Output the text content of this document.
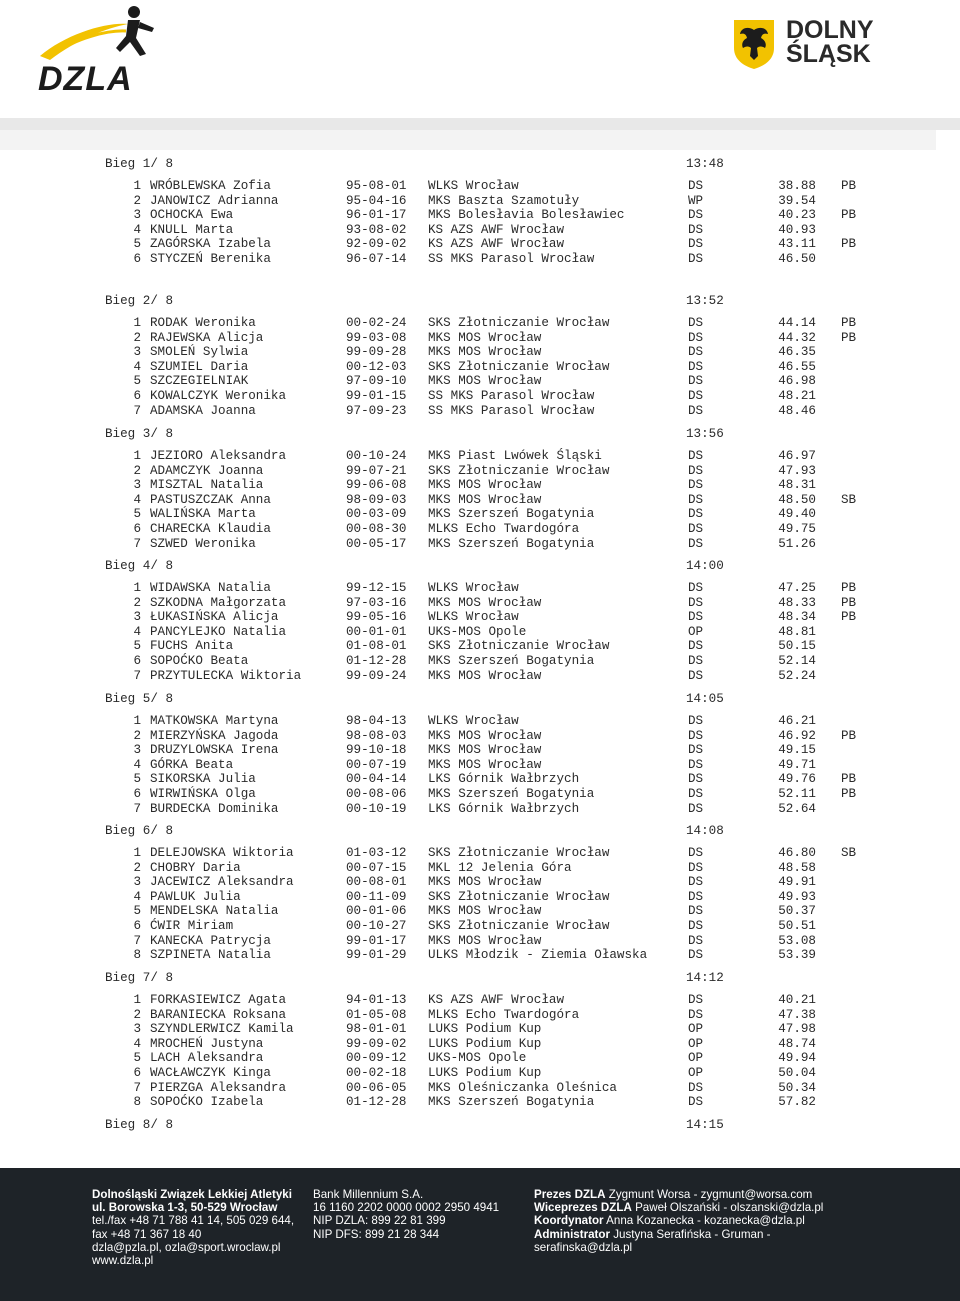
DZLA
DOLNY
ŚLĄSK
Bieg 1/ 8	13:48
1 WRÓBLEWSKA Zofia	95-08-01 WLKS Wrocław	DS	38.88 PB
2 JANOWICZ Adrianna	95-04-16 MKS Baszta Szamotuły	WP	39.54
3 OCHOCKA Ewa	96-01-17 MKS Bolesłavia Bolesławiec	DS	40.23 PB
4 KNULL Marta	93-08-02 KS AZS AWF Wrocław	DS	40.93
5 ZAGÓRSKA Izabela	92-09-02 KS AZS AWF Wrocław	DS	43.11 PB
6 STYCZEŃ Berenika	96-07-14 SS MKS Parasol Wrocław	DS	46.50
Bieg 2/ 8	13:52
1 RODAK Weronika	00-02-24 SKS Złotniczanie Wrocław	DS	44.14 PB
2 RAJEWSKA Alicja	99-03-08 MKS MOS Wrocław	DS	44.32 PB
3 SMOLEŃ Sylwia	99-09-28 MKS MOS Wrocław	DS	46.35
4 SZUMIEL Daria	00-12-03 SKS Złotniczanie Wrocław	DS	46.55
5 SZCZEGIELNIAK	97-09-10 MKS MOS Wrocław	DS	46.98
6 KOWALCZYK Weronika	99-01-15 SS MKS Parasol Wrocław	DS	48.21
7 ADAMSKA Joanna	97-09-23 SS MKS Parasol Wrocław	DS	48.46
Bieg 3/ 8	13:56
1 JEZIORO Aleksandra	00-10-24 MKS Piast Lwówek Śląski	DS	46.97
2 ADAMCZYK Joanna	99-07-21 SKS Złotniczanie Wrocław	DS	47.93
3 MISZTAL Natalia	99-06-08 MKS MOS Wrocław	DS	48.31
4 PASTUSZCZAK Anna	98-09-03 MKS MOS Wrocław	DS	48.50 SB
5 WALIŃSKA Marta	00-03-09 MKS Szerszeń Bogatynia	DS	49.40
6 CHARECKA Klaudia	00-08-30 MLKS Echo Twardogóra	DS	49.75
7 SZWED Weronika	00-05-17 MKS Szerszeń Bogatynia	DS	51.26
Bieg 4/ 8	14:00
1 WIDAWSKA Natalia	99-12-15 WLKS Wrocław	DS	47.25 PB
2 SZKODNA Małgorzata	97-03-16 MKS MOS Wrocław	DS	48.33 PB
3 ŁUKASIŃSKA Alicja	99-05-16 WLKS Wrocław	DS	48.34 PB
4 PANCYLEJKO Natalia	00-01-01 UKS-MOS Opole	OP	48.81
5 FUCHS Anita	01-08-01 SKS Złotniczanie Wrocław	DS	50.15
6 SOPOĆKO Beata	01-12-28 MKS Szerszeń Bogatynia	DS	52.14
7 PRZYTULECKA Wiktoria	99-09-24 MKS MOS Wrocław	DS	52.24
Bieg 5/ 8	14:05
1 MATKOWSKA Martyna	98-04-13 WLKS Wrocław	DS	46.21
2 MIERZYŃSKA Jagoda	98-08-03 MKS MOS Wrocław	DS	46.92 PB
3 DRUZYLOWSKA Irena	99-10-18 MKS MOS Wrocław	DS	49.15
4 GÓRKA Beata	00-07-19 MKS MOS Wrocław	DS	49.71
5 SIKORSKA Julia	00-04-14 LKS Górnik Wałbrzych	DS	49.76 PB
6 WIRWIŃSKA Olga	00-08-06 MKS Szerszeń Bogatynia	DS	52.11 PB
7 BURDECKA Dominika	00-10-19 LKS Górnik Wałbrzych	DS	52.64
Bieg 6/ 8	14:08
1 DELEJOWSKA Wiktoria	01-03-12 SKS Złotniczanie Wrocław	DS	46.80 SB
2 CHOBRY Daria	00-07-15 MKL 12 Jelenia Góra	DS	48.58
3 JACEWICZ Aleksandra	00-08-01 MKS MOS Wrocław	DS	49.91
4 PAWLUK Julia	00-11-09 SKS Złotniczanie Wrocław	DS	49.93
5 MENDELSKA Natalia	00-01-06 MKS MOS Wrocław	DS	50.37
6 ĆWIR Miriam	00-10-27 SKS Złotniczanie Wrocław	DS	50.51
7 KANECKA Patrycja	99-01-17 MKS MOS Wrocław	DS	53.08
8 SZPINETA Natalia	99-01-29 ULKS Młodzik - Ziemia Oławska	DS	53.39
Bieg 7/ 8	14:12
1 FORKASIEWICZ Agata	94-01-13 KS AZS AWF Wrocław	DS	40.21
2 BARANIECKA Roksana	01-05-08 MLKS Echo Twardogóra	DS	47.38
3 SZYNDLERWICZ Kamila	98-01-01 LUKS Podium Kup	OP	47.98
4 MROCHEŃ Justyna	99-09-02 LUKS Podium Kup	OP	48.74
5 LACH Aleksandra	00-09-12 UKS-MOS Opole	OP	49.94
6 WACŁAWCZYK Kinga	00-02-18 LUKS Podium Kup	OP	50.04
7 PIERZGA Aleksandra	00-06-05 MKS Oleśniczanka Oleśnica	DS	50.34
8 SOPOĆKO Izabela	01-12-28 MKS Szerszeń Bogatynia	DS	57.82
Bieg 8/ 8	14:15
Dolnośląski Związek Lekkiej Atletyki
ul. Borowska 1-3, 50-529 Wrocław
tel./fax +48 71 788 41 14, 505 029 644,
fax +48 71 367 18 40
dzla@pzla.pl, ozla@sport.wroclaw.pl
www.dzla.pl
Bank Millennium S.A.
16 1160 2202 0000 0002 2950 4941
NIP DZLA: 899 22 81 399
NIP DFS: 899 21 28 344
Prezes DZLA Zygmunt Worsa - zygmunt@worsa.com
Wiceprezes DZLA Paweł Olszański - olszanski@dzla.pl
Koordynator Anna Kozanecka - kozanecka@dzla.pl
Administrator Justyna Serafińska - Gruman -
serafinska@dzla.pl
